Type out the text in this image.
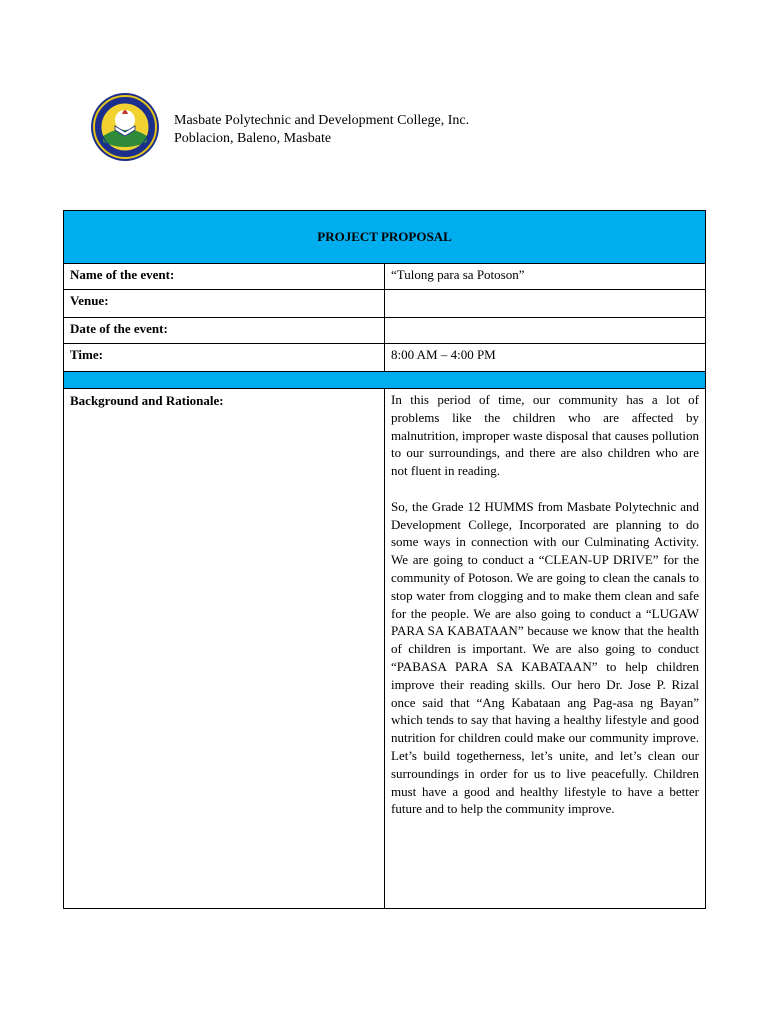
Masbate Polytechnic and Development College, Inc.
Poblacion, Baleno, Masbate
PROJECT PROPOSAL	
Name of the event:	“Tulong para sa Potoson”
Venue:	
Date of the event:	
Time:	8:00 AM – 4:00 PM

Background and Rationale:	In this period of time, our community has a lot of problems like the children who are affected by malnutrition, improper waste disposal that causes pollution to our surroundings, and there are also children who are not fluent in reading.

So, the Grade 12 HUMMS from Masbate Polytechnic and Development College, Incorporated are planning to do some ways in connection with our Culminating Activity. We are going to conduct a “CLEAN-UP DRIVE” for the community of Potoson. We are going to clean the canals to stop water from clogging and to make them clean and safe for the people. We are also going to conduct a “LUGAW PARA SA KABATAAN” because we know that the health of children is important. We are also going to conduct “PABASA PARA SA KABATAAN” to help children improve their reading skills. Our hero Dr. Jose P. Rizal once said that “Ang Kabataan ang Pag-asa ng Bayan” which tends to say that having a healthy lifestyle and good nutrition for children could make our community improve. Let’s build togetherness, let’s unite, and let’s clean our surroundings in order for us to live peacefully. Children must have a good and healthy lifestyle to have a better future and to help the community improve.
